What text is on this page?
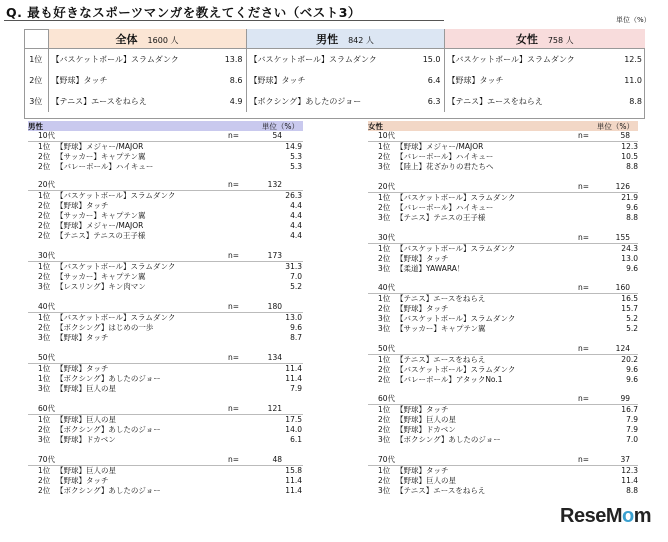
Q. 最も好きなスポーツマンガを教えてください（ベスト3）	単位（%）
	全体 1600 人		男性 842 人		女性 758 人	
1位	【バスケットボール】スラムダンク	13.8	【バスケットボール】スラムダンク	15.0	【バスケットボール】スラムダンク	12.5
2位	【野球】タッチ	8.6	【野球】タッチ	6.4	【野球】タッチ	11.0
3位	【テニス】エースをねらえ	4.9	【ボクシング】あしたのジョー	6.3	【テニス】エースをねらえ	8.8
男性	単位（%）
10代	n=	54
1位 【野球】メジャー/MAJOR	14.9
2位 【サッカー】キャプテン翼	5.3
2位 【バレーボール】ハイキュー	5.3
20代	n=	132
1位 【バスケットボール】スラムダンク	26.3
2位 【野球】タッチ	4.4
2位 【サッカー】キャプテン翼	4.4
2位 【野球】メジャー/MAJOR	4.4
2位 【テニス】テニスの王子様	4.4
30代	n=	173
1位 【バスケットボール】スラムダンク	31.3
2位 【サッカー】キャプテン翼	7.0
3位 【レスリング】キン肉マン	5.2
40代	n=	180
1位 【バスケットボール】スラムダンク	13.0
2位 【ボクシング】はじめの一歩	9.6
3位 【野球】タッチ	8.7
50代	n=	134
1位 【野球】タッチ	11.4
1位 【ボクシング】あしたのジョー	11.4
3位 【野球】巨人の星	7.9
60代	n=	121
1位 【野球】巨人の星	17.5
2位 【ボクシング】あしたのジョー	14.0
3位 【野球】ドカベン	6.1
70代	n=	48
1位 【野球】巨人の星	15.8
2位 【野球】タッチ	11.4
2位 【ボクシング】あしたのジョー	11.4
女性	単位（%）
10代	n=	58
1位 【野球】メジャー/MAJOR	12.3
2位 【バレーボール】ハイキュー	10.5
3位 【陸上】花ざかりの君たちへ	8.8
20代	n=	126
1位 【バスケットボール】スラムダンク	21.9
2位 【バレーボール】ハイキュー	9.6
3位 【テニス】テニスの王子様	8.8
30代	n=	155
1位 【バスケットボール】スラムダンク	24.3
2位 【野球】タッチ	13.0
3位 【柔道】YAWARA！	9.6
40代	n=	160
1位 【テニス】エースをねらえ	16.5
2位 【野球】タッチ	15.7
3位 【バスケットボール】スラムダンク	5.2
3位 【サッカー】キャプテン翼	5.2
50代	n=	124
1位 【テニス】エースをねらえ	20.2
2位 【バスケットボール】スラムダンク	9.6
2位 【バレーボール】アタックNo.1	9.6
60代	n=	99
1位 【野球】タッチ	16.7
2位 【野球】巨人の星	7.9
2位 【野球】ドカベン	7.9
3位 【ボクシング】あしたのジョー	7.0
70代	n=	37
1位 【野球】タッチ	12.3
2位 【野球】巨人の星	11.4
3位 【テニス】エースをねらえ	8.8
ReseMom
